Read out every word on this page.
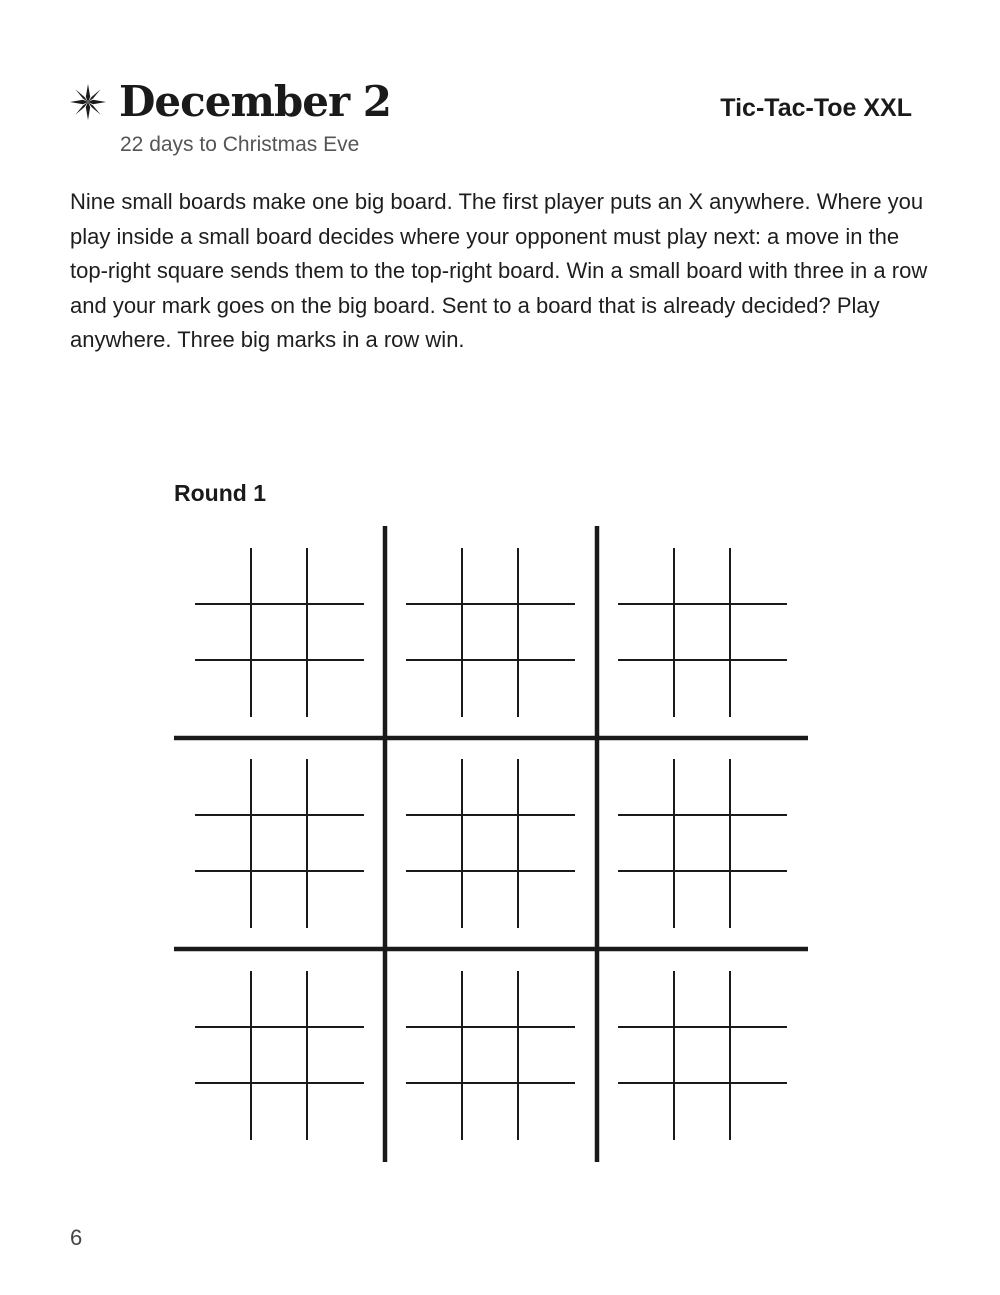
December 2
22 days to Christmas Eve
Tic-Tac-Toe XXL

Nine small boards make one big board. The first player puts an X anywhere. Where you play inside a small board decides where your opponent must play next: a move in the top-right square sends them to the top-right board. Win a small board with three in a row and your mark goes on the big board. Sent to a board that is already decided? Play anywhere. Three big marks in a row win.

Round 1
6
